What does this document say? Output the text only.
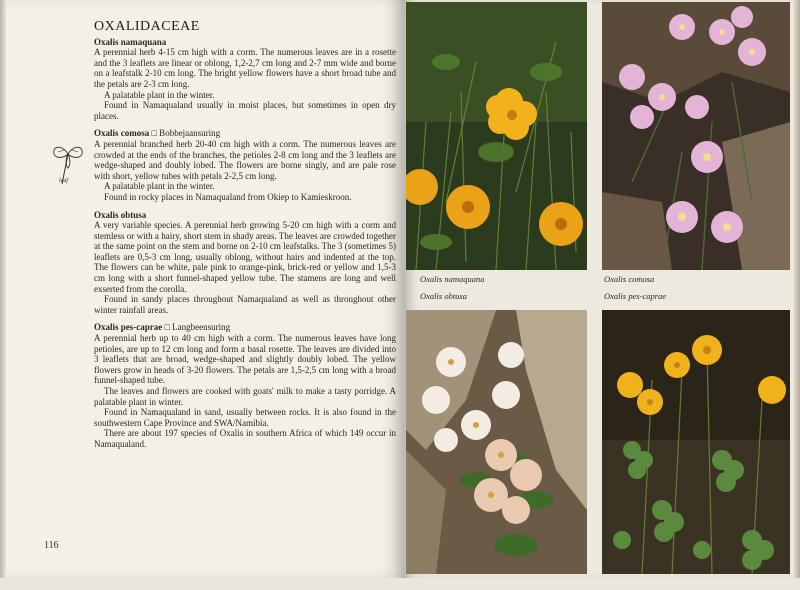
OXALIDACEAE
Oxalis namaquana

A perennial herb 4-15 cm high with a corm. The numerous leaves are in a rosette and the 3 leaflets are linear or oblong, 1,2-2,7 cm long and 2-7 mm wide and borne on a leafstalk 2-10 cm long. The bright yellow flowers have a short broad tube and the petals are 2-3 cm long.

A palatable plant in the winter.

Found in Namaqualand usually in moist places, but sometimes in open dry places.

Oxalis comosa □ Bobbejaansuring

A perennial branched herb 20-40 cm high with a corm. The numerous leaves are crowded at the ends of the branches, the petioles 2-8 cm long and the 3 leaflets are wedge-shaped and doubly lobed. The flowers are borne singly, and are pale rose with short, yellow tubes with petals 2-2,5 cm long.

A palatable plant in the winter.

Found in rocky places in Namaqualand from Okiep to Kamieskroon.

Oxalis obtusa

A very variable species. A perennial herb growing 5-20 cm high with a corm and stemless or with a hairy, short stem in shady areas. The leaves are crowded together at the same point on the stem and borne on 2-10 cm leafstalks. The 3 (sometimes 5) leaflets are 0,5-3 cm long, usually oblong, without hairs and indented at the top. The flowers can be white, pale pink to orange-pink, brick-red or yellow and 1,5-3 cm long with a short funnel-shaped yellow tube. The stamens are long and well exserted from the corolla.

Found in sandy places throughout Namaqualand as well as throughout other winter rainfall areas.

Oxalis pes-caprae □ Langbeensuring

A perennial herb up to 40 cm high with a corm. The numerous leaves have long petioles, are up to 12 cm long and form a basal rosette. The leaves are divided into 3 leaflets that are broad, wedge-shaped and slightly doubly lobed. The yellow flowers grow in heads of 3-20 flowers. The petals are 1,5-2,5 cm long with a broad funnel-shaped tube.

The leaves and flowers are cooked with goats' milk to make a tasty porridge. A palatable plant in winter.

Found in Namaqualand in sand, usually between rocks. It is also found in the southwestern Cape Province and SWA/Namibia.

There are about 197 species of Oxalis in southern Africa of which 149 occur in Namaqualand.

leaf
116
Oxalis namaquana	Oxalis comosa
Oxalis obtusa	Oxalis pes-caprae
